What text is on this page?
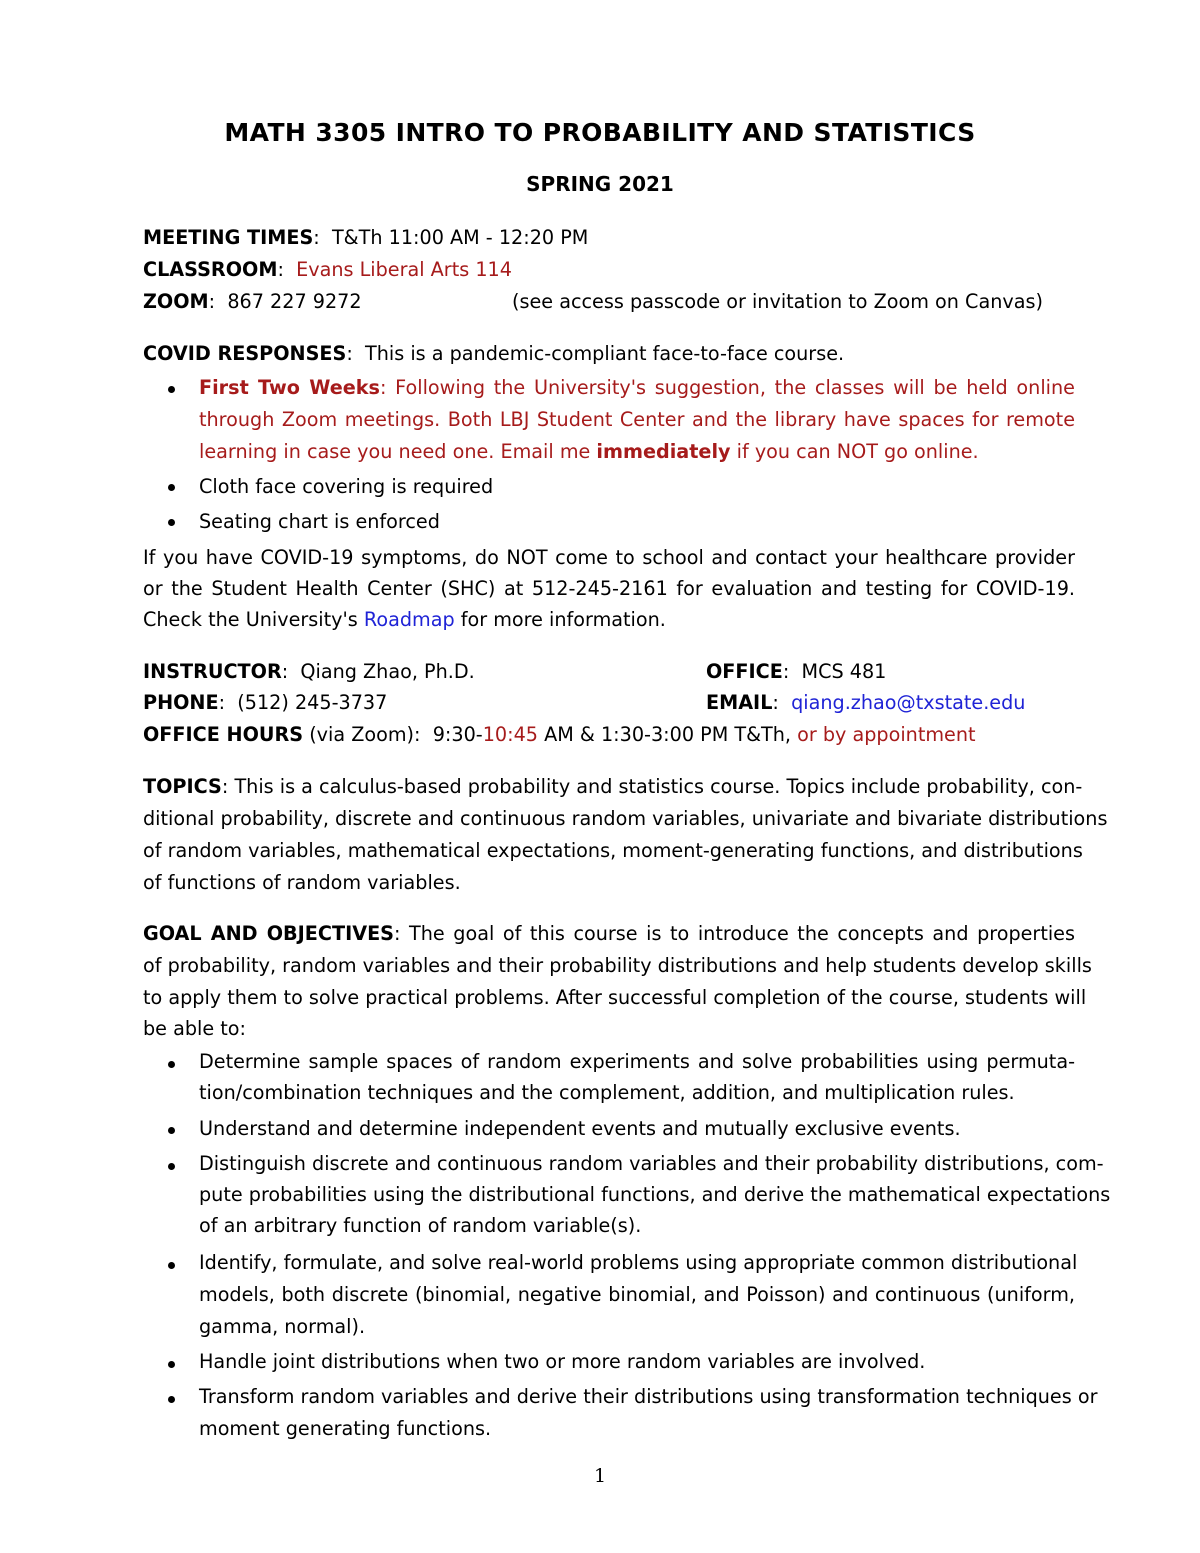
MATH 3305 INTRO TO PROBABILITY AND STATISTICS
SPRING 2021
MEETING TIMES:  T&Th 11:00 AM - 12:20 PM
CLASSROOM:  Evans Liberal Arts 114
ZOOM:  867 227 9272	(see access passcode or invitation to Zoom on Canvas)
COVID RESPONSES:  This is a pandemic-compliant face-to-face course.
First Two Weeks: Following the University's suggestion, the classes will be held online
through Zoom meetings. Both LBJ Student Center and the library have spaces for remote
learning in case you need one. Email me immediately if you can NOT go online.
Cloth face covering is required
Seating chart is enforced
If you have COVID-19 symptoms, do NOT come to school and contact your healthcare provider
or the Student Health Center (SHC) at 512-245-2161 for evaluation and testing for COVID-19.
Check the University's Roadmap for more information.
INSTRUCTOR:  Qiang Zhao, Ph.D.	OFFICE:  MCS 481
PHONE:  (512) 245-3737	EMAIL:  qiang.zhao@txstate.edu
OFFICE HOURS (via Zoom): 9:30-10:45 AM & 1:30-3:00 PM T&Th, or by appointment
TOPICS: This is a calculus-based probability and statistics course. Topics include probability, con-
ditional probability, discrete and continuous random variables, univariate and bivariate distributions
of random variables, mathematical expectations, moment-generating functions, and distributions
of functions of random variables.
GOAL AND OBJECTIVES: The goal of this course is to introduce the concepts and properties
of probability, random variables and their probability distributions and help students develop skills
to apply them to solve practical problems. After successful completion of the course, students will
be able to:
Determine sample spaces of random experiments and solve probabilities using permuta-
tion/combination techniques and the complement, addition, and multiplication rules.
Understand and determine independent events and mutually exclusive events.
Distinguish discrete and continuous random variables and their probability distributions, com-
pute probabilities using the distributional functions, and derive the mathematical expectations
of an arbitrary function of random variable(s).
Identify, formulate, and solve real-world problems using appropriate common distributional
models, both discrete (binomial, negative binomial, and Poisson) and continuous (uniform,
gamma, normal).
Handle joint distributions when two or more random variables are involved.
Transform random variables and derive their distributions using transformation techniques or
moment generating functions.
1
